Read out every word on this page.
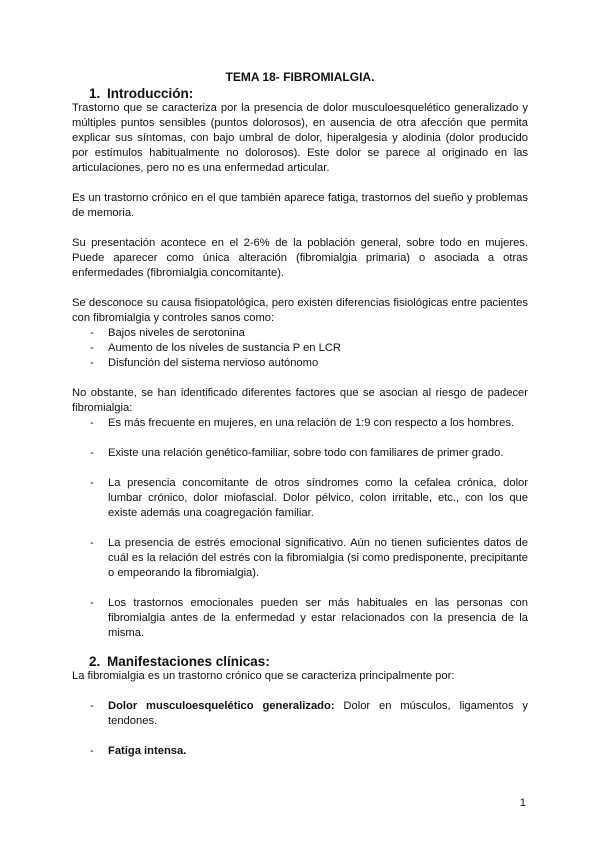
TEMA 18- FIBROMIALGIA.
1. Introducción:

Trastorno que se caracteriza por la presencia de dolor musculoesquelético generalizado y múltiples puntos sensibles (puntos dolorosos), en ausencia de otra afección que permita explicar sus síntomas, con bajo umbral de dolor, hiperalgesia y alodinia (dolor producido por estímulos habitualmente no dolorosos). Este dolor se parece al originado en las articulaciones, pero no es una enfermedad articular.

Es un trastorno crónico en el que también aparece fatiga, trastornos del sueño y problemas de memoria.

Su presentación acontece en el 2-6% de la población general, sobre todo en mujeres. Puede aparecer como única alteración (fibromialgia primaria) o asociada a otras enfermedades (fibromialgia concomitante).

Se desconoce su causa fisiopatológica, pero existen diferencias fisiológicas entre pacientes con fibromialgia y controles sanos como:

- Bajos niveles de serotonina
- Aumento de los niveles de sustancia P en LCR
- Disfunción del sistema nervioso autónomo

No obstante, se han identificado diferentes factores que se asocian al riesgo de padecer fibromialgia:

- Es más frecuente en mujeres, en una relación de 1:9 con respecto a los hombres.
- Existe una relación genético-familiar, sobre todo con familiares de primer grado.
- La presencia concomitante de otros síndromes como la cefalea crónica, dolor lumbar crónico, dolor miofascial. Dolor pélvico, colon irritable, etc., con los que existe además una coagregación familiar.
- La presencia de estrés emocional significativo. Aún no tienen suficientes datos de cuál es la relación del estrés con la fibromialgia (si como predisponente, precipitante o empeorando la fibromialgia).
- Los trastornos emocionales pueden ser más habituales en las personas con fibromialgia antes de la enfermedad y estar relacionados con la presencia de la misma.
2. Manifestaciones clínicas:

La fibromialgia es un trastorno crónico que se caracteriza principalmente por:

- Dolor musculoesquelético generalizado: Dolor en músculos, ligamentos y tendones.
- Fatiga intensa.
1
